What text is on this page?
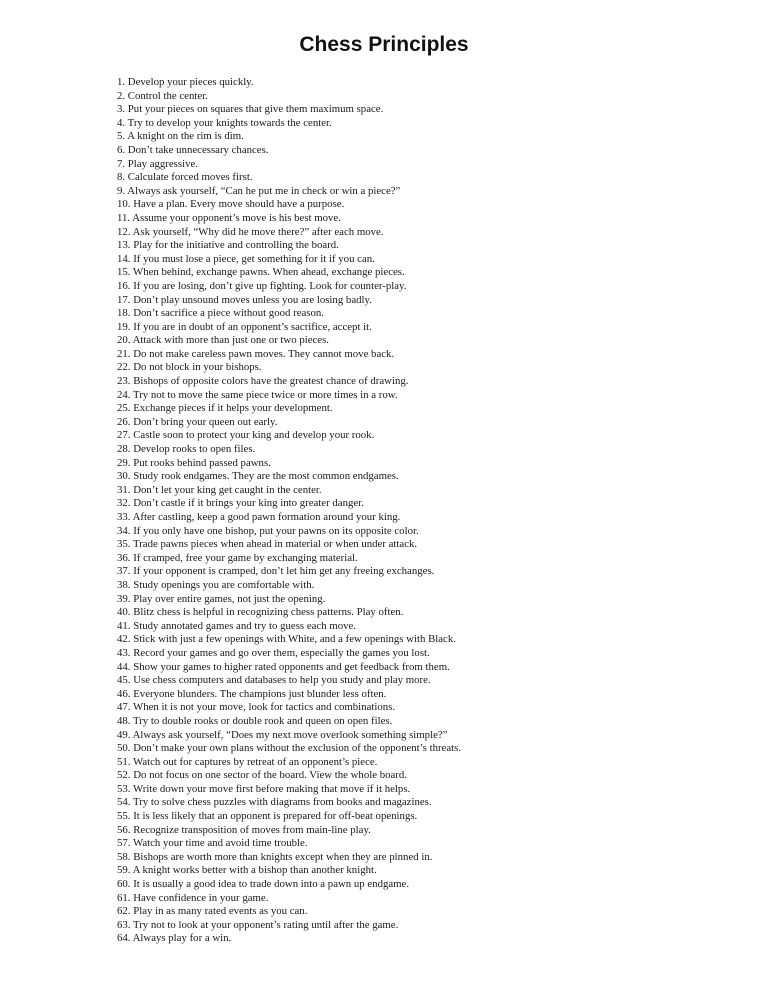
Chess Principles
1. Develop your pieces quickly.
2. Control the center.
3. Put your pieces on squares that give them maximum space.
4. Try to develop your knights towards the center.
5. A knight on the rim is dim.
6. Don’t take unnecessary chances.
7. Play aggressive.
8. Calculate forced moves first.
9. Always ask yourself, “Can he put me in check or win a piece?”
10. Have a plan. Every move should have a purpose.
11. Assume your opponent’s move is his best move.
12. Ask yourself, “Why did he move there?” after each move.
13. Play for the initiative and controlling the board.
14. If you must lose a piece, get something for it if you can.
15. When behind, exchange pawns. When ahead, exchange pieces.
16. If you are losing, don’t give up fighting. Look for counter-play.
17. Don’t play unsound moves unless you are losing badly.
18. Don’t sacrifice a piece without good reason.
19. If you are in doubt of an opponent’s sacrifice, accept it.
20. Attack with more than just one or two pieces.
21. Do not make careless pawn moves. They cannot move back.
22. Do not block in your bishops.
23. Bishops of opposite colors have the greatest chance of drawing.
24. Try not to move the same piece twice or more times in a row.
25. Exchange pieces if it helps your development.
26. Don’t bring your queen out early.
27. Castle soon to protect your king and develop your rook.
28. Develop rooks to open files.
29. Put rooks behind passed pawns.
30. Study rook endgames. They are the most common endgames.
31. Don’t let your king get caught in the center.
32. Don’t castle if it brings your king into greater danger.
33. After castling, keep a good pawn formation around your king.
34. If you only have one bishop, put your pawns on its opposite color.
35. Trade pawns pieces when ahead in material or when under attack.
36. If cramped, free your game by exchanging material.
37. If your opponent is cramped, don’t let him get any freeing exchanges.
38. Study openings you are comfortable with.
39. Play over entire games, not just the opening.
40. Blitz chess is helpful in recognizing chess patterns. Play often.
41. Study annotated games and try to guess each move.
42. Stick with just a few openings with White, and a few openings with Black.
43. Record your games and go over them, especially the games you lost.
44. Show your games to higher rated opponents and get feedback from them.
45. Use chess computers and databases to help you study and play more.
46. Everyone blunders. The champions just blunder less often.
47. When it is not your move, look for tactics and combinations.
48. Try to double rooks or double rook and queen on open files.
49. Always ask yourself, “Does my next move overlook something simple?”
50. Don’t make your own plans without the exclusion of the opponent’s threats.
51. Watch out for captures by retreat of an opponent’s piece.
52. Do not focus on one sector of the board. View the whole board.
53. Write down your move first before making that move if it helps.
54. Try to solve chess puzzles with diagrams from books and magazines.
55. It is less likely that an opponent is prepared for off-beat openings.
56. Recognize transposition of moves from main-line play.
57. Watch your time and avoid time trouble.
58. Bishops are worth more than knights except when they are pinned in.
59. A knight works better with a bishop than another knight.
60. It is usually a good idea to trade down into a pawn up endgame.
61. Have confidence in your game.
62. Play in as many rated events as you can.
63. Try not to look at your opponent’s rating until after the game.
64. Always play for a win.
